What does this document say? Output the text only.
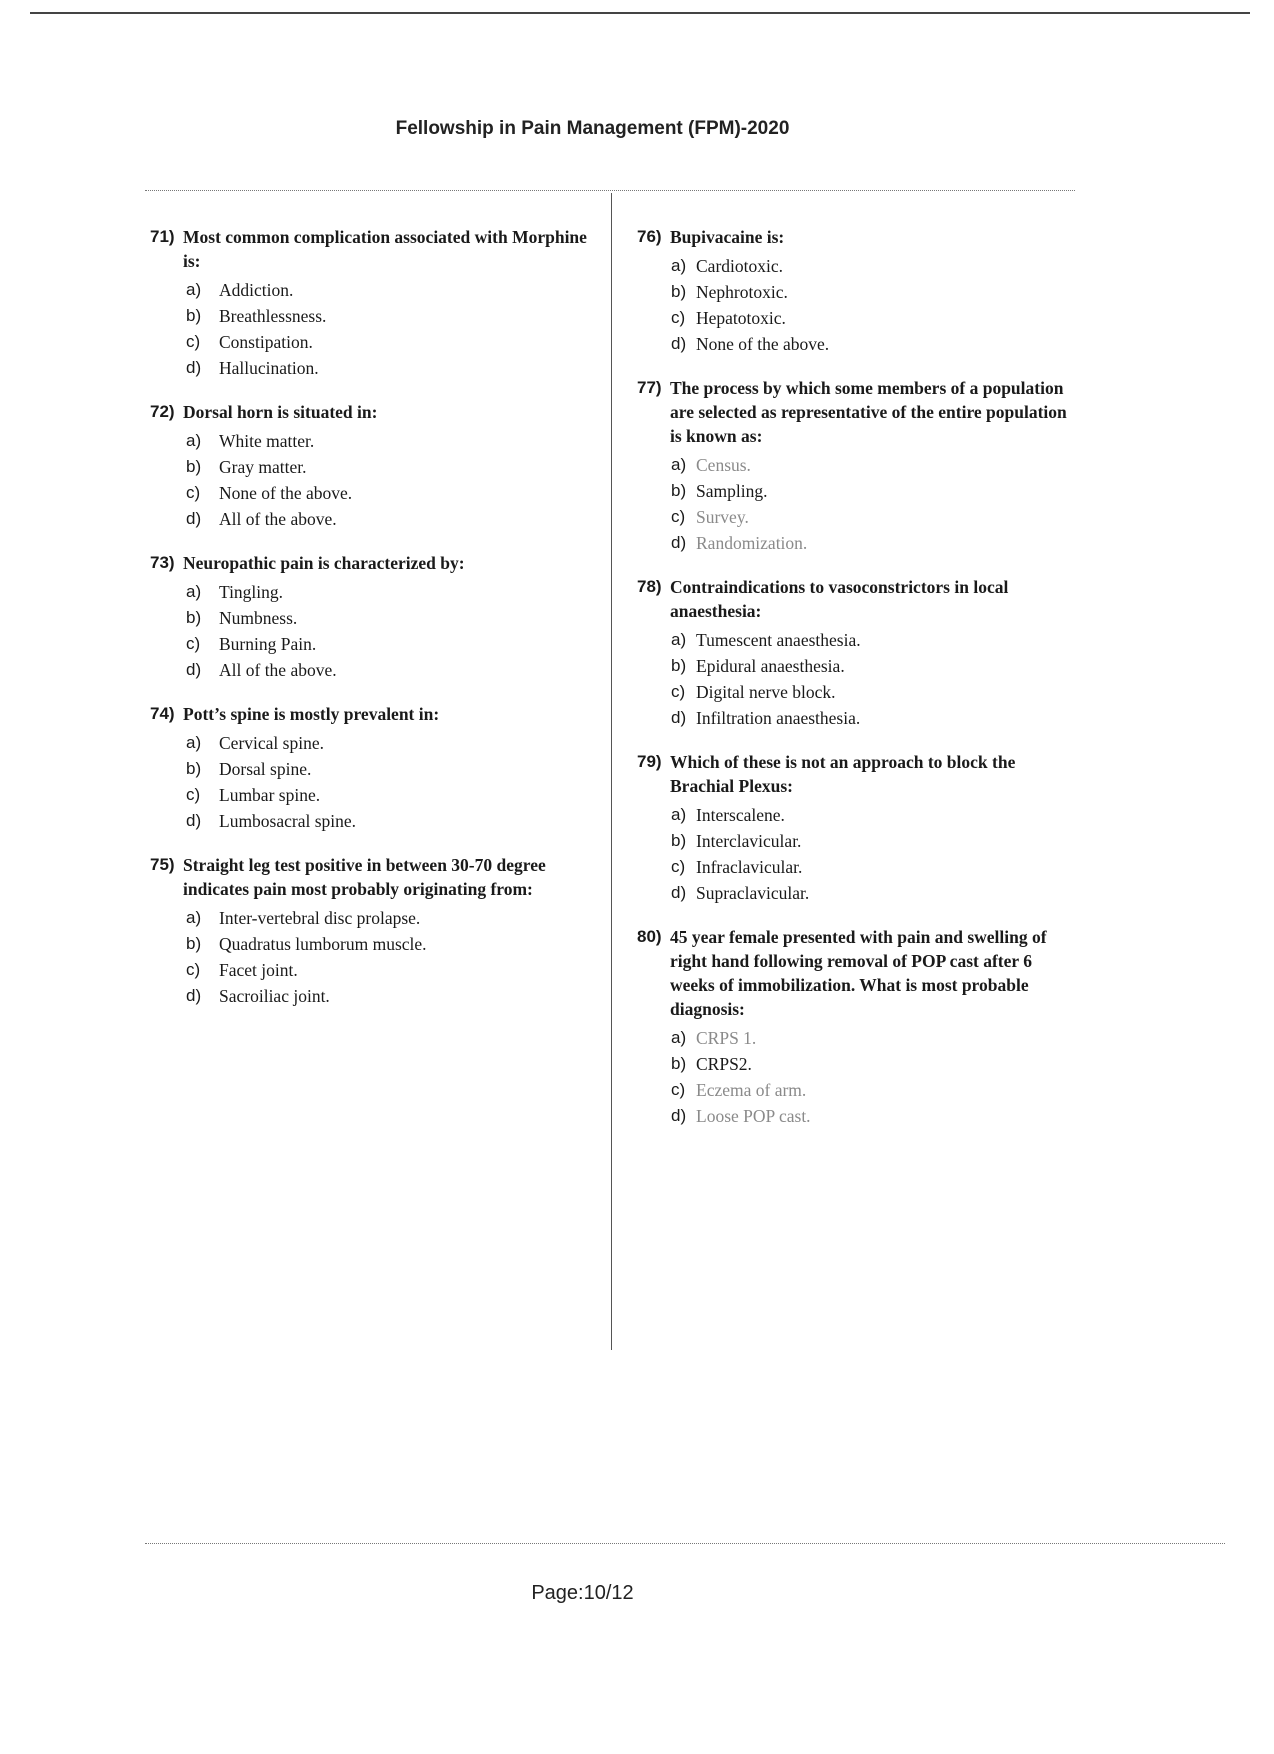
Fellowship in Pain Management (FPM)-2020
71) Most common complication associated with Morphine is:
a) Addiction.
b) Breathlessness.
c) Constipation.
d) Hallucination.
72) Dorsal horn is situated in:
a) White matter.
b) Gray matter.
c) None of the above.
d) All of the above.
73) Neuropathic pain is characterized by:
a) Tingling.
b) Numbness.
c) Burning Pain.
d) All of the above.
74) Pott’s spine is mostly prevalent in:
a) Cervical spine.
b) Dorsal spine.
c) Lumbar spine.
d) Lumbosacral spine.
75) Straight leg test positive in between 30-70 degree indicates pain most probably originating from:
a) Inter-vertebral disc prolapse.
b) Quadratus lumborum muscle.
c) Facet joint.
d) Sacroiliac joint.
76) Bupivacaine is:
a) Cardiotoxic.
b) Nephrotoxic.
c) Hepatotoxic.
d) None of the above.
77) The process by which some members of a population are selected as representative of the entire population is known as:
a) Census.
b) Sampling.
c) Survey.
d) Randomization.
78) Contraindications to vasoconstrictors in local anaesthesia:
a) Tumescent anaesthesia.
b) Epidural anaesthesia.
c) Digital nerve block.
d) Infiltration anaesthesia.
79) Which of these is not an approach to block the Brachial Plexus:
a) Interscalene.
b) Interclavicular.
c) Infraclavicular.
d) Supraclavicular.
80) 45 year female presented with pain and swelling of right hand following removal of POP cast after 6 weeks of immobilization. What is most probable diagnosis:
a) CRPS 1.
b) CRPS2.
c) Eczema of arm.
d) Loose POP cast.
Page:10/12
